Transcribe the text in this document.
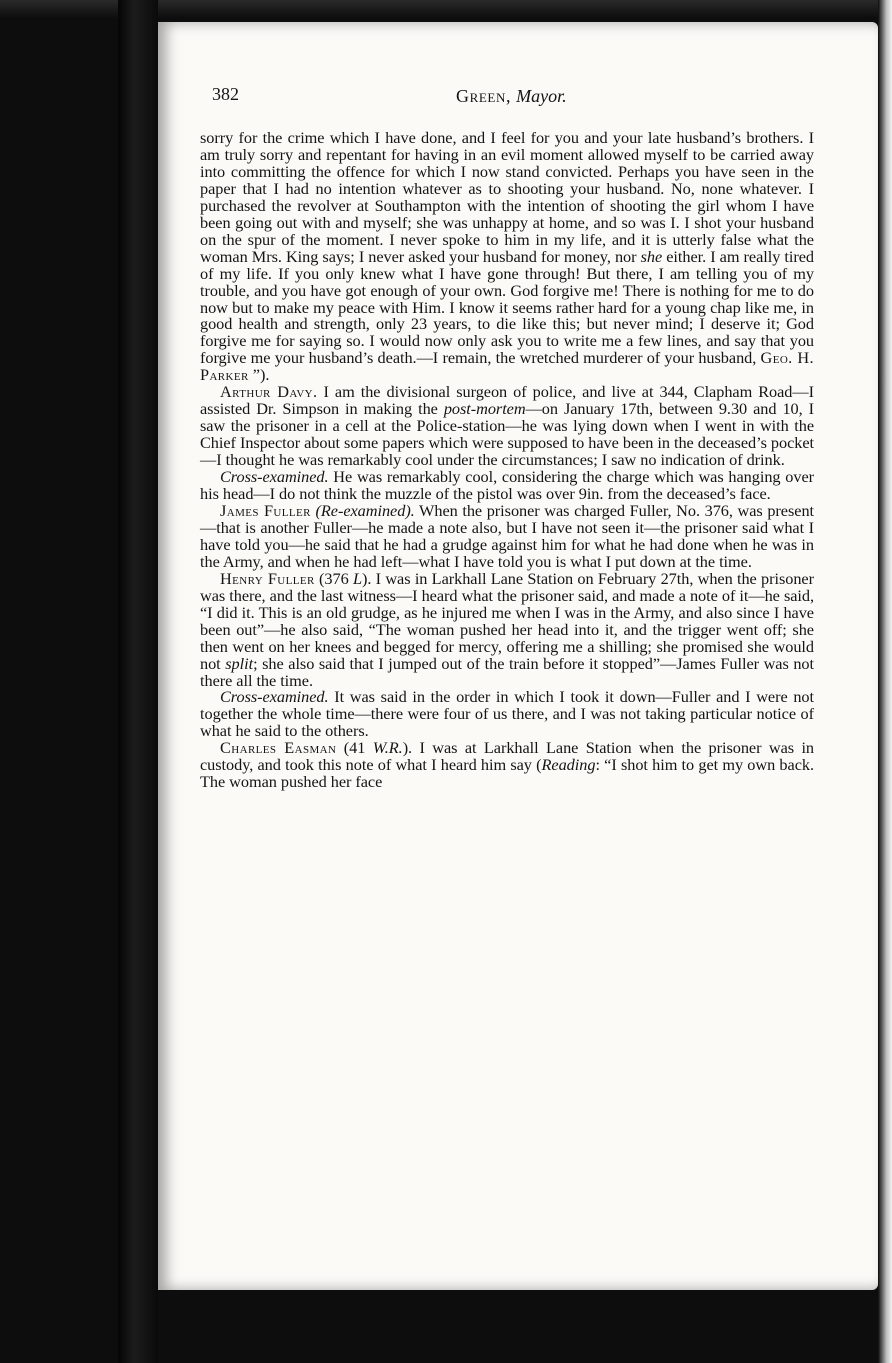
382	Green, Mayor.

sorry for the crime which I have done, and I feel for you and your late husband’s brothers. I am truly sorry and repentant for having in an evil moment allowed myself to be carried away into committing the offence for which I now stand convicted. Perhaps you have seen in the paper that I had no intention whatever as to shooting your husband. No, none whatever. I purchased the revolver at Southampton with the intention of shooting the girl whom I have been going out with and myself; she was unhappy at home, and so was I. I shot your husband on the spur of the moment. I never spoke to him in my life, and it is utterly false what the woman Mrs. King says; I never asked your husband for money, nor she either. I am really tired of my life. If you only knew what I have gone through! But there, I am telling you of my trouble, and you have got enough of your own. God forgive me! There is nothing for me to do now but to make my peace with Him. I know it seems rather hard for a young chap like me, in good health and strength, only 23 years, to die like this; but never mind; I deserve it; God forgive me for saying so. I would now only ask you to write me a few lines, and say that you forgive me your husband’s death.—I remain, the wretched murderer of your husband, Geo. H. Parker ”).

Arthur Davy. I am the divisional surgeon of police, and live at 344, Clapham Road—I assisted Dr. Simpson in making the post-mortem—on January 17th, between 9.30 and 10, I saw the prisoner in a cell at the Police-station—he was lying down when I went in with the Chief Inspector about some papers which were supposed to have been in the deceased’s pocket—I thought he was remarkably cool under the circumstances; I saw no indication of drink.

Cross-examined. He was remarkably cool, considering the charge which was hanging over his head—I do not think the muzzle of the pistol was over 9in. from the deceased’s face.

James Fuller (Re-examined). When the prisoner was charged Fuller, No. 376, was present—that is another Fuller—he made a note also, but I have not seen it—the prisoner said what I have told you—he said that he had a grudge against him for what he had done when he was in the Army, and when he had left—what I have told you is what I put down at the time.

Henry Fuller (376 L). I was in Larkhall Lane Station on February 27th, when the prisoner was there, and the last witness—I heard what the prisoner said, and made a note of it—he said, “I did it. This is an old grudge, as he injured me when I was in the Army, and also since I have been out”—he also said, “The woman pushed her head into it, and the trigger went off; she then went on her knees and begged for mercy, offering me a shilling; she promised she would not split; she also said that I jumped out of the train before it stopped”—James Fuller was not there all the time.

Cross-examined. It was said in the order in which I took it down—Fuller and I were not together the whole time—there were four of us there, and I was not taking particular notice of what he said to the others.

Charles Easman (41 W.R.). I was at Larkhall Lane Station when the prisoner was in custody, and took this note of what I heard him say (Reading: “I shot him to get my own back. The woman pushed her face
